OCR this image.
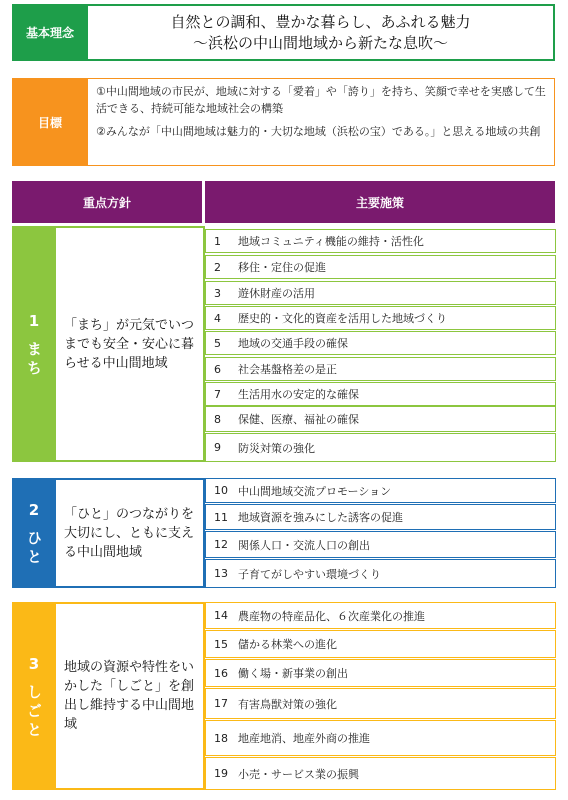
基本理念
自然との調和、豊かな暮らし、あふれる魅力
～浜松の中山間地域から新たな息吹～
目標

①中山間地域の市民が、地域に対する「愛着」や「誇り」を持ち、笑顔で幸せを実感して生活できる、持続可能な地域社会の構築

②みんなが「中山間地域は魅力的・大切な地域（浜松の宝）である。」と思える地域の共創

重点方針	主要施策
1
まち
「まち」が元気でいつまでも安全・安心に暮らせる中山間地域
1	地域コミュニティ機能の維持・活性化
2	移住・定住の促進
3	遊休財産の活用
4	歴史的・文化的資産を活用した地域づくり
5	地域の交通手段の確保
6	社会基盤格差の是正
7	生活用水の安定的な確保
8	保健、医療、福祉の確保
9	防災対策の強化
2
ひと
「ひと」のつながりを大切にし、ともに支える中山間地域
10 中山間地域交流プロモーション
11 地域資源を強みにした誘客の促進
12 関係人口・交流人口の創出
13 子育てがしやすい環境づくり
3
しごと
地域の資源や特性をいかした「しごと」を創出し維持する中山間地域
14 農産物の特産品化、６次産業化の推進
15 儲かる林業への進化
16 働く場・新事業の創出
17 有害鳥獣対策の強化
18 地産地消、地産外商の推進
19 小売・サービス業の振興
